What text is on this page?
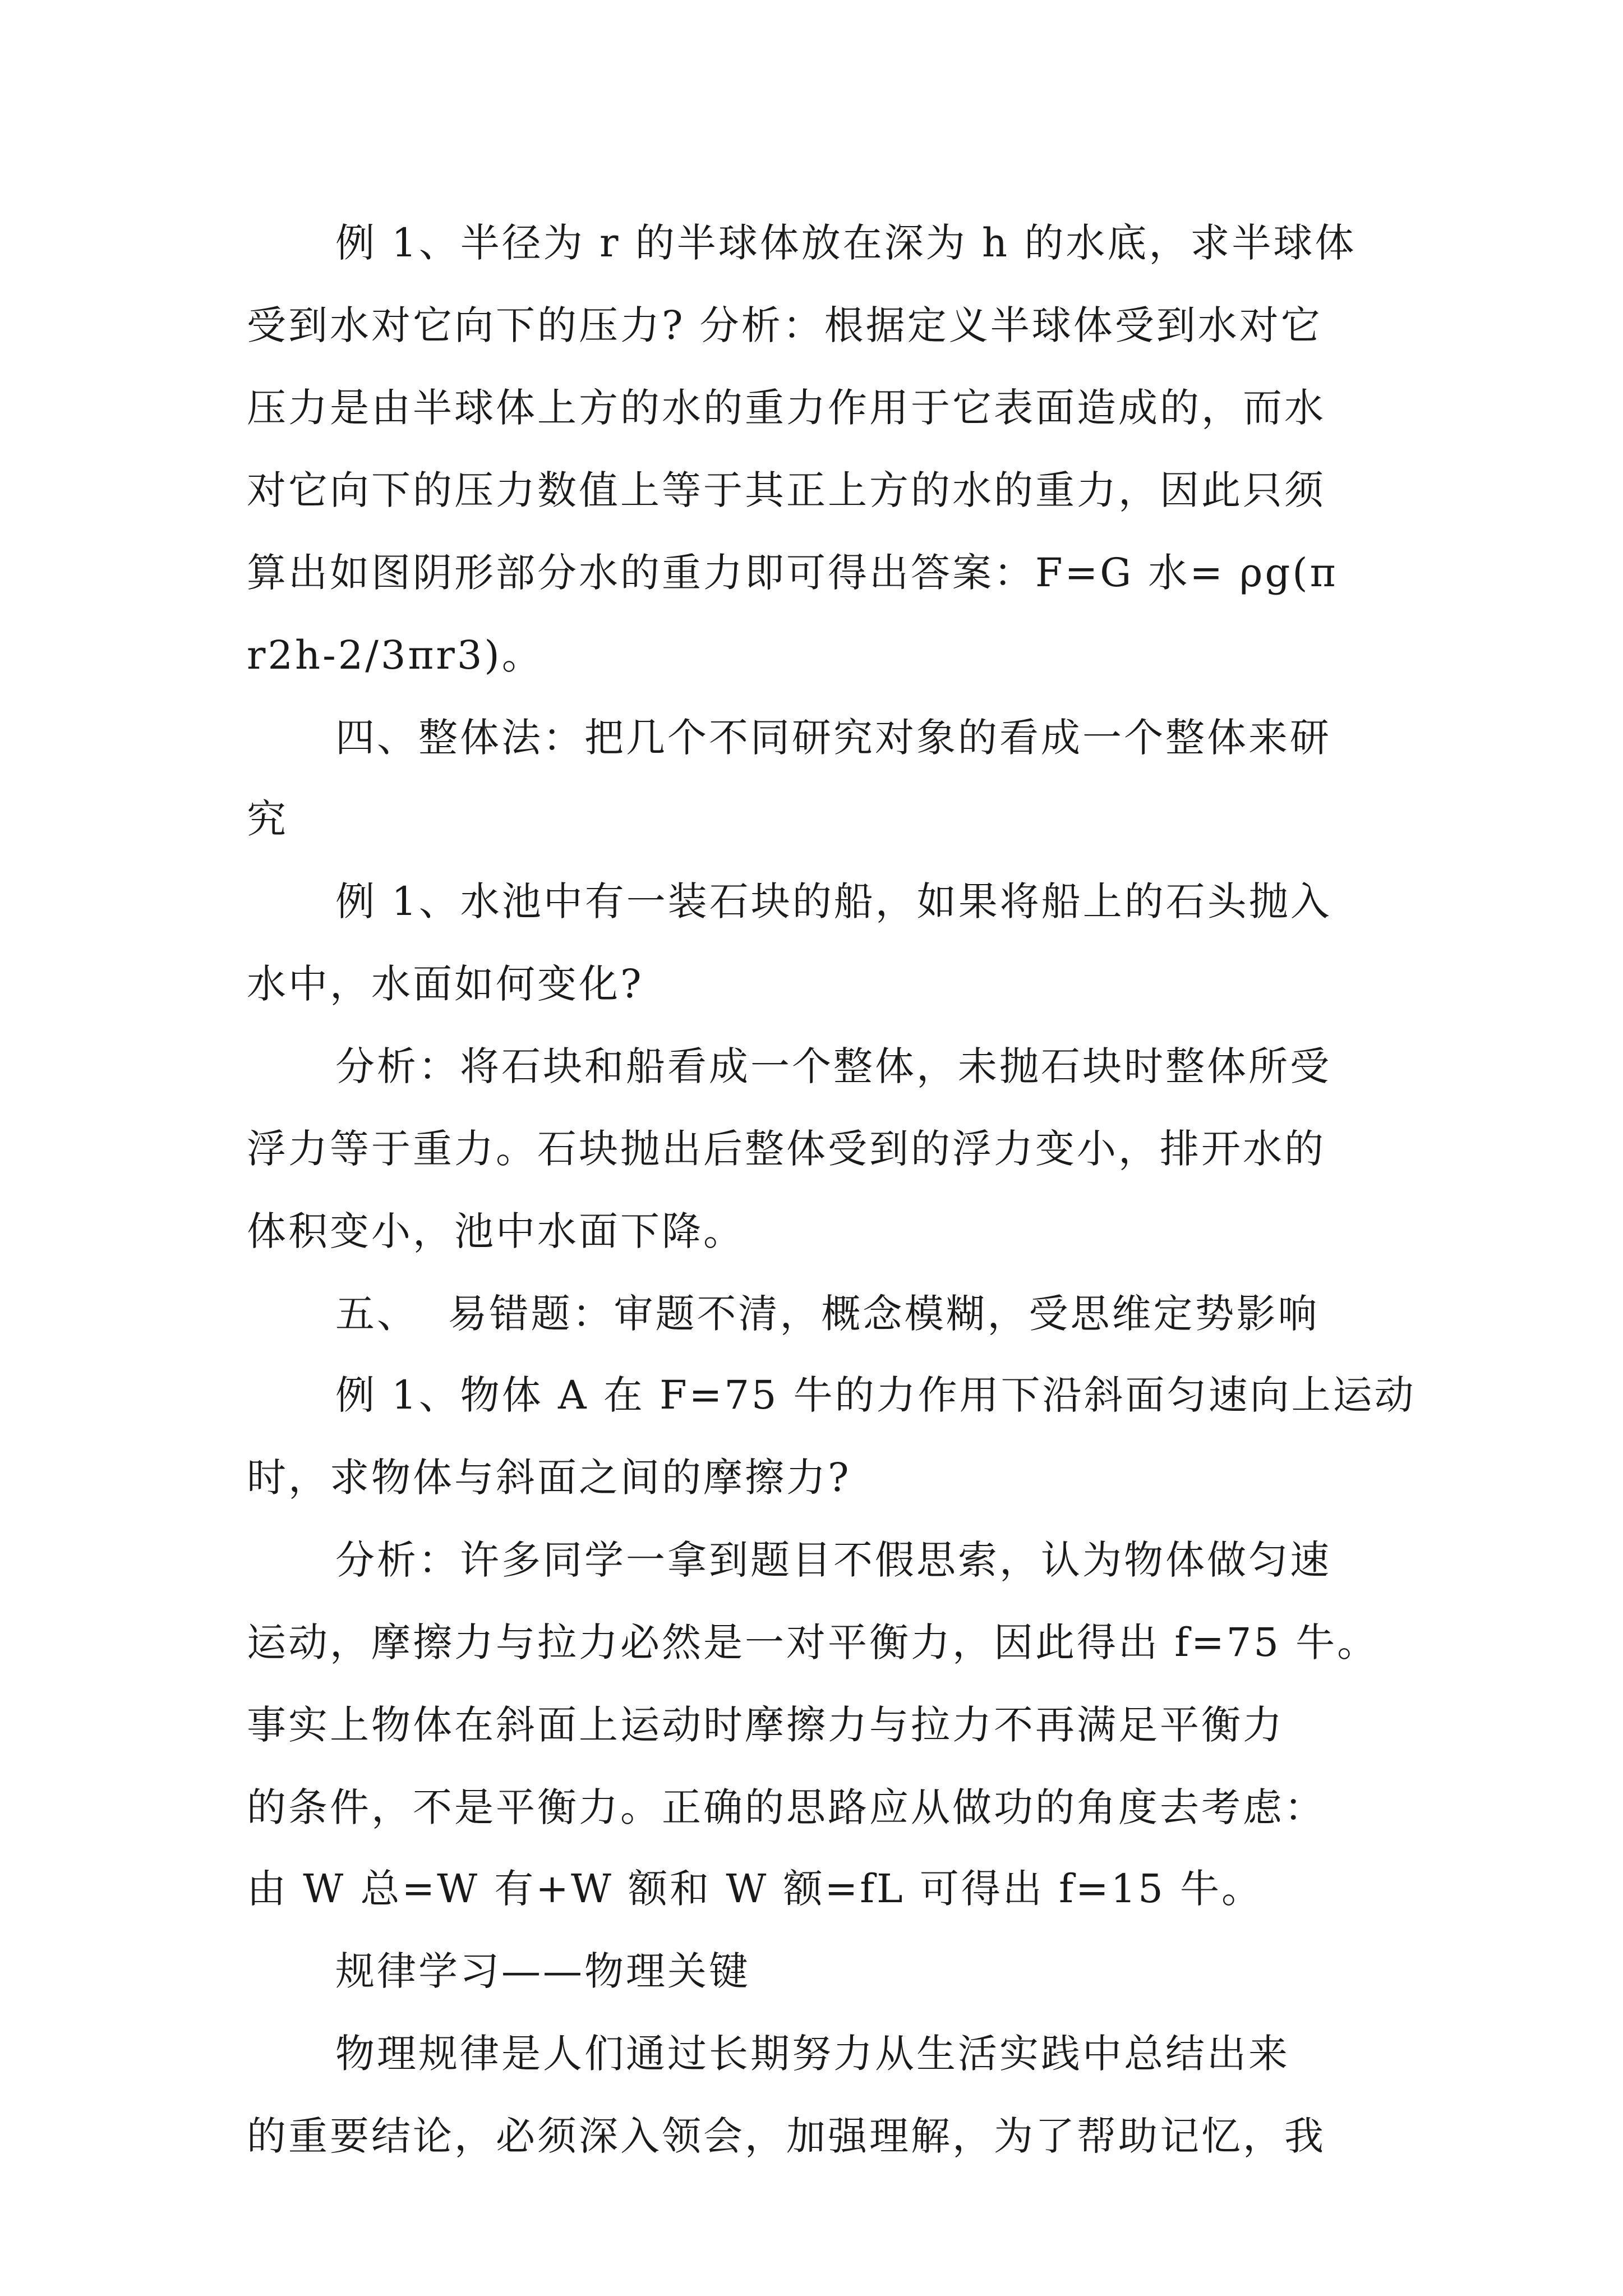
例 1、半径为 r 的半球体放在深为 h 的水底，求半球体
受到水对它向下的压力? 分析：根据定义半球体受到水对它
压力是由半球体上方的水的重力作用于它表面造成的，而水
对它向下的压力数值上等于其正上方的水的重力，因此只须
算出如图阴形部分水的重力即可得出答案：F=G 水= ρg(π
r2h-2/3πr3)。
四、整体法：把几个不同研究对象的看成一个整体来研
究
例 1、水池中有一装石块的船，如果将船上的石头抛入
水中，水面如何变化?
分析：将石块和船看成一个整体，未抛石块时整体所受
浮力等于重力。石块抛出后整体受到的浮力变小，排开水的
体积变小，池中水面下降。
五、  易错题：审题不清，概念模糊，受思维定势影响
例 1、物体 A 在 F=75 牛的力作用下沿斜面匀速向上运动
时，求物体与斜面之间的摩擦力?
分析：许多同学一拿到题目不假思索，认为物体做匀速
运动，摩擦力与拉力必然是一对平衡力，因此得出 f=75 牛。
事实上物体在斜面上运动时摩擦力与拉力不再满足平衡力
的条件，不是平衡力。正确的思路应从做功的角度去考虑：
由 W 总=W 有+W 额和 W 额=fL 可得出 f=15 牛。
规律学习——物理关键
物理规律是人们通过长期努力从生活实践中总结出来
的重要结论，必须深入领会，加强理解，为了帮助记忆，我
